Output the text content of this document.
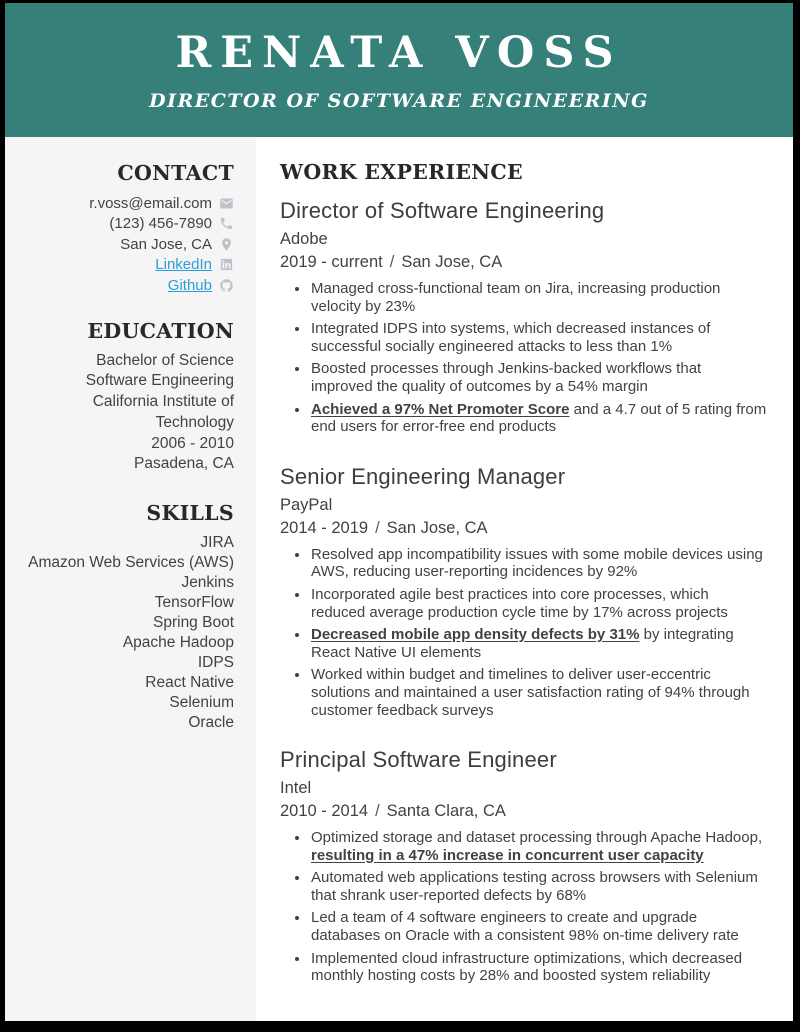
RENATA VOSS
DIRECTOR OF SOFTWARE ENGINEERING
CONTACT
r.voss@email.com
(123) 456-7890
San Jose, CA
LinkedIn
Github
EDUCATION
Bachelor of Science
Software Engineering
California Institute of Technology
2006 - 2010
Pasadena, CA
SKILLS
JIRA
Amazon Web Services (AWS)
Jenkins
TensorFlow
Spring Boot
Apache Hadoop
IDPS
React Native
Selenium
Oracle
WORK EXPERIENCE
Director of Software Engineering
Adobe
2019 - current / San Jose, CA
• Managed cross-functional team on Jira, increasing production velocity by 23%
• Integrated IDPS into systems, which decreased instances of successful socially engineered attacks to less than 1%
• Boosted processes through Jenkins-backed workflows that improved the quality of outcomes by a 54% margin
• Achieved a 97% Net Promoter Score and a 4.7 out of 5 rating from end users for error-free end products
Senior Engineering Manager
PayPal
2014 - 2019 / San Jose, CA
• Resolved app incompatibility issues with some mobile devices using AWS, reducing user-reporting incidences by 92%
• Incorporated agile best practices into core processes, which reduced average production cycle time by 17% across projects
• Decreased mobile app density defects by 31% by integrating React Native UI elements
• Worked within budget and timelines to deliver user-eccentric solutions and maintained a user satisfaction rating of 94% through customer feedback surveys
Principal Software Engineer
Intel
2010 - 2014 / Santa Clara, CA
• Optimized storage and dataset processing through Apache Hadoop, resulting in a 47% increase in concurrent user capacity
• Automated web applications testing across browsers with Selenium that shrank user-reported defects by 68%
• Led a team of 4 software engineers to create and upgrade databases on Oracle with a consistent 98% on-time delivery rate
• Implemented cloud infrastructure optimizations, which decreased monthly hosting costs by 28% and boosted system reliability
